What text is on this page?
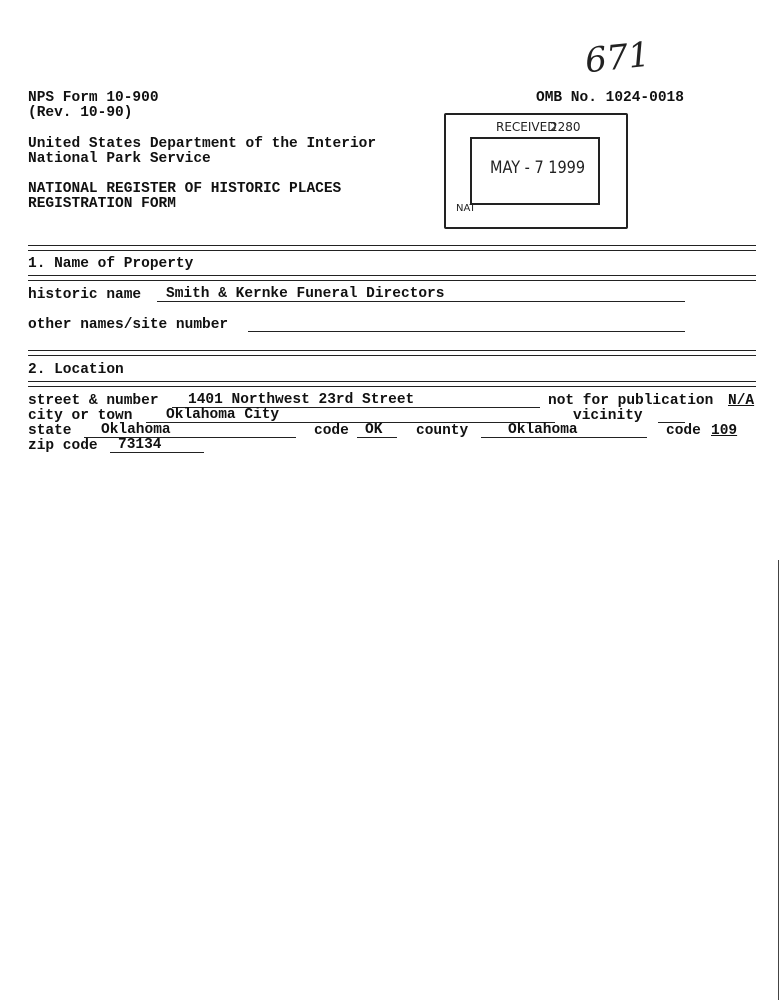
671
NPS Form 10-900
(Rev. 10-90)
OMB No. 1024-0018
United States Department of the Interior
National Park Service
NATIONAL REGISTER OF HISTORIC PLACES
REGISTRATION FORM
RECEIVED
2280
MAY - 7 1999
NAT
1. Name of Property
historic name Smith & Kernke Funeral Directors
other names/site number
2. Location
street & number 1401 Northwest 23rd Street	not for publication N/A
city or town Oklahoma City	vicinity
state Oklahoma	code OK county	Oklahoma	code 109
zip code 73134
